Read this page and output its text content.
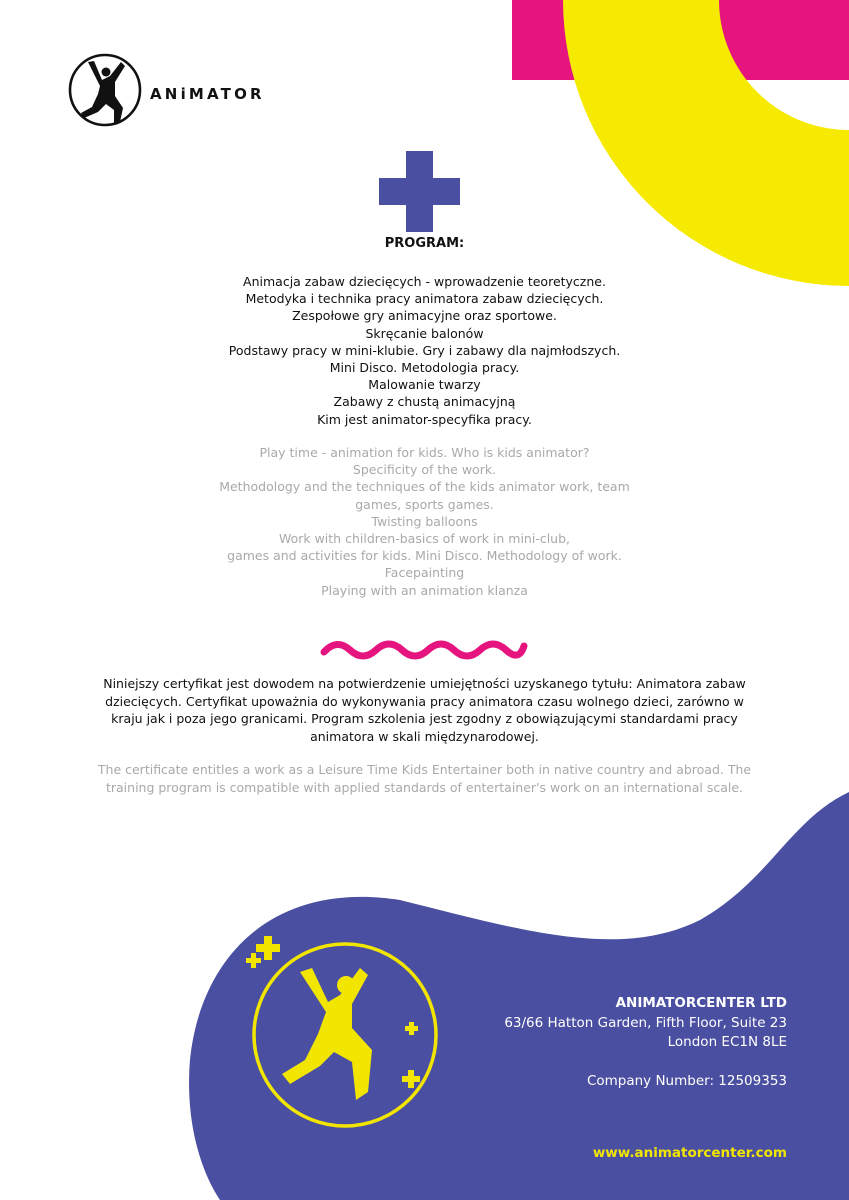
ANiMATOR
PROGRAM:
Animacja zabaw dziecięcych - wprowadzenie teoretyczne.
Metodyka i technika pracy animatora zabaw dziecięcych.
Zespołowe gry animacyjne oraz sportowe.
Skręcanie balonów
Podstawy pracy w mini-klubie. Gry i zabawy dla najmłodszych.
Mini Disco. Metodologia pracy.
Malowanie twarzy
Zabawy z chustą animacyjną
Kim jest animator-specyfika pracy.
Play time - animation for kids. Who is kids animator?
Specificity of the work.
Methodology and the techniques of the kids animator work, team
games, sports games.
Twisting balloons
Work with children-basics of work in mini-club,
games and activities for kids. Mini Disco. Methodology of work.
Facepainting
Playing with an animation klanza
Niniejszy certyfikat jest dowodem na potwierdzenie umiejętności uzyskanego tytułu: Animatora zabaw
dziecięcych. Certyfikat upoważnia do wykonywania pracy animatora czasu wolnego dzieci, zarówno w
kraju jak i poza jego granicami. Program szkolenia jest zgodny z obowiązującymi standardami pracy
animatora w skali międzynarodowej.
The certificate entitles a work as a Leisure Time Kids Entertainer both in native country and abroad. The
training program is compatible with applied standards of entertainer's work on an international scale.
ANIMATORCENTER LTD
63/66 Hatton Garden, Fifth Floor, Suite 23
London EC1N 8LE
Company Number: 12509353
www.animatorcenter.com
